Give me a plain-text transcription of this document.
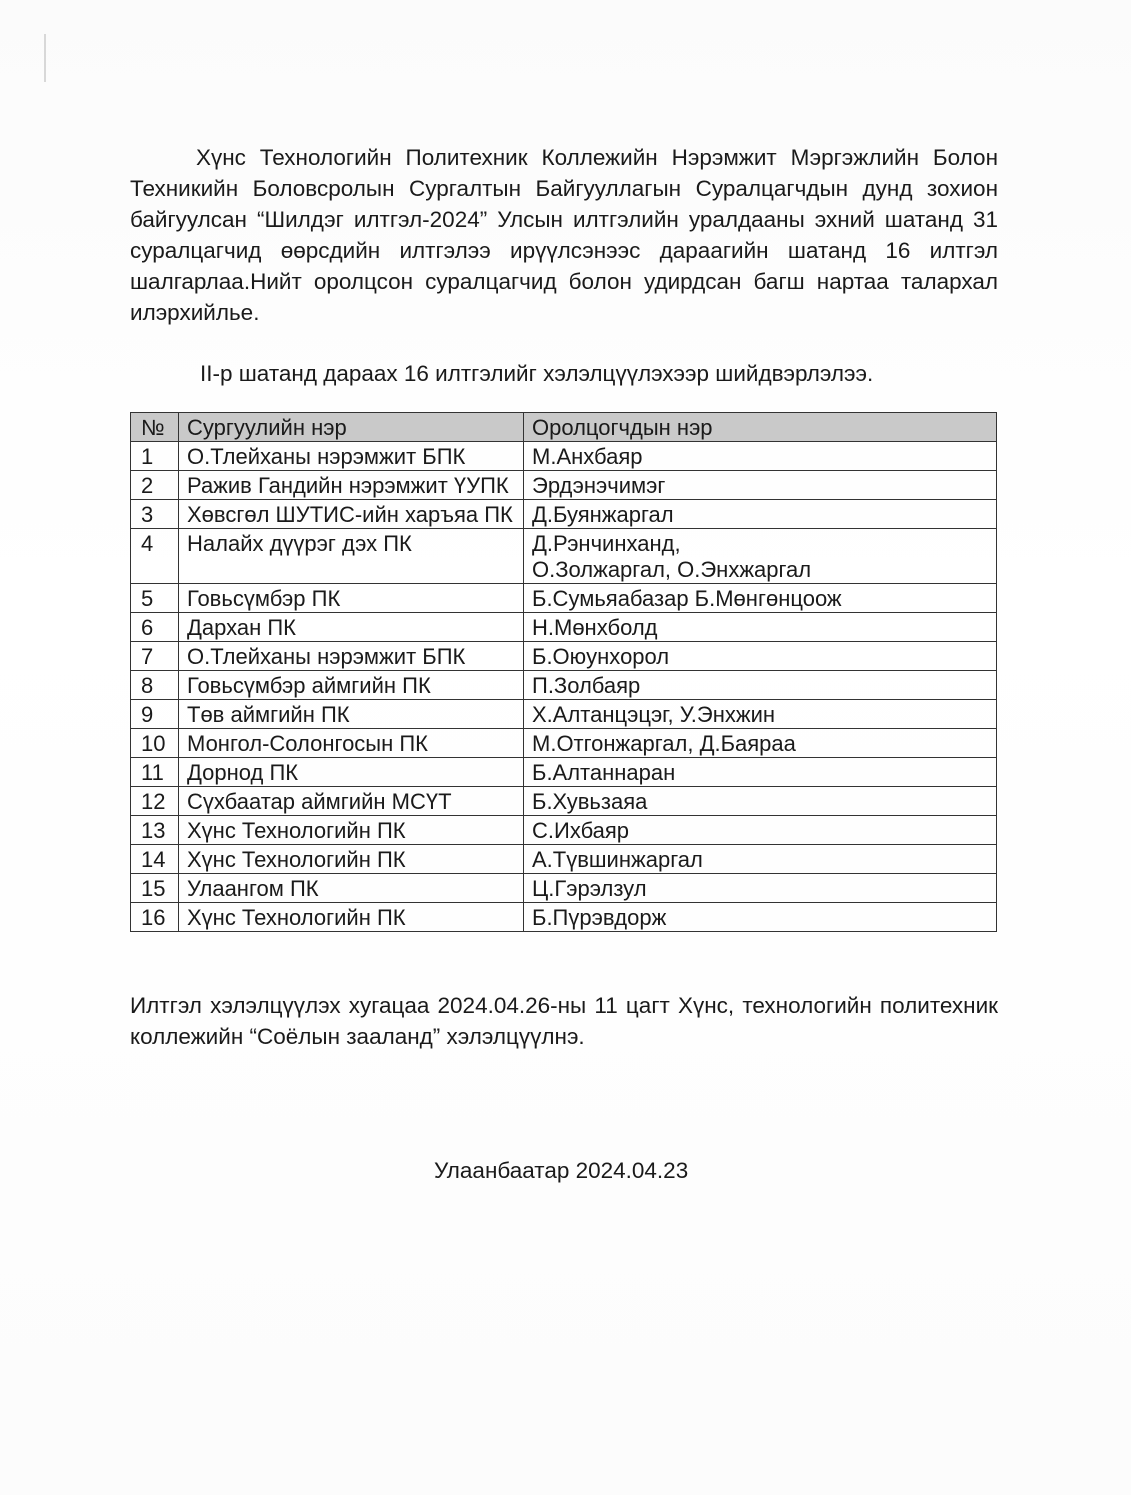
Хүнс Технологийн Политехник Коллежийн Нэрэмжит Мэргэжлийн Болон Техникийн Боловсролын Сургалтын Байгууллагын Суралцагчдын дунд зохион байгуулсан “Шилдэг илтгэл-2024” Улсын илтгэлийн уралдааны эхний шатанд 31 суралцагчид өөрсдийн илтгэлээ ирүүлсэнээс дараагийн шатанд 16 илтгэл шалгарлаа.Нийт оролцсон суралцагчид болон удирдсан багш нартаа талархал илэрхийлье.

II-р шатанд дараах 16 илтгэлийг хэлэлцүүлэхээр шийдвэрлэлээ.

№	Сургуулийн нэр	Оролцогчдын нэр
1	О.Тлейханы нэрэмжит БПК	М.Анхбаяр

2	Ражив Гандийн нэрэмжит ҮУПК	Эрдэнэчимэг

3	Хөвсгөл ШУТИС-ийн харъяа ПК	Д.Буянжаргал

4	Налайх дүүрэг дэх ПК	Д.Рэнчинханд,
О.Золжаргал, О.Энхжаргал

5	Говьсүмбэр ПК	Б.Сумьяабазар Б.Мөнгөнцоож

6	Дархан ПК	Н.Мөнхболд

7	О.Тлейханы нэрэмжит БПК	Б.Оюунхорол

8	Говьсүмбэр аймгийн ПК	П.Золбаяр

9	Төв аймгийн ПК	Х.Алтанцэцэг, У.Энхжин

10	Монгол-Солонгосын ПК	М.Отгонжаргал, Д.Баяраа

11	Дорнод ПК	Б.Алтаннаран

12	Сүхбаатар аймгийн МСҮТ	Б.Хувьзаяа

13	Хүнс Технологийн ПК	С.Ихбаяр

14	Хүнс Технологийн ПК	А.Түвшинжаргал

15	Улаангом ПК	Ц.Гэрэлзул

16	Хүнс Технологийн ПК	Б.Пүрэвдорж

Илтгэл хэлэлцүүлэх хугацаа 2024.04.26-ны 11 цагт Хүнс, технологийн политехник коллежийн “Соёлын зааланд” хэлэлцүүлнэ.

Улаанбаатар 2024.04.23
